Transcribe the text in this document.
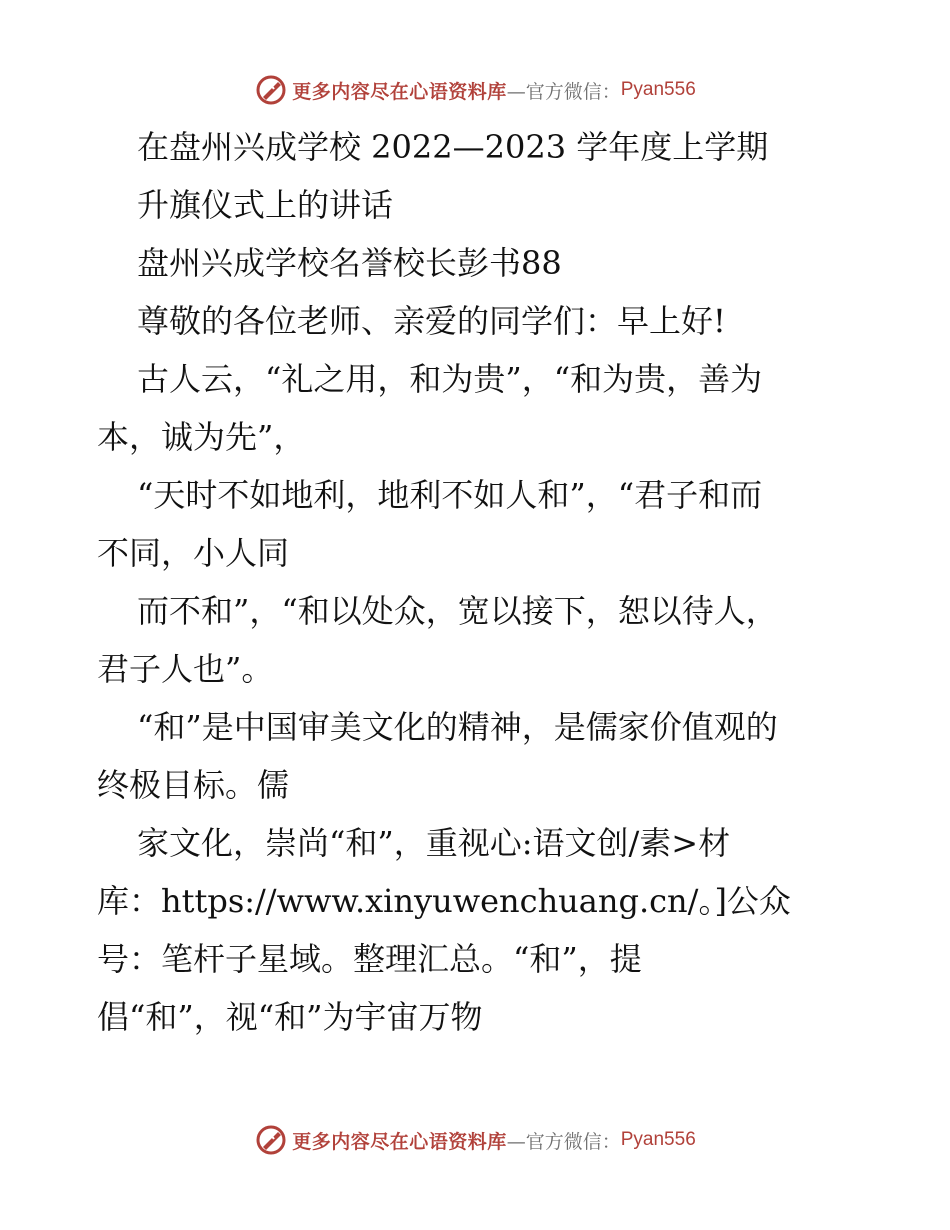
更多内容尽在心语资料库 —官方微信： Pyan556
在盘州兴成学校 2022—2023 学年度上学期
升旗仪式上的讲话
盘州兴成学校名誉校长彭书88
尊敬的各位老师、亲爱的同学们：早上好!
古人云，“礼之用，和为贵”，“和为贵，善为
本，诚为先”，
“天时不如地利，地利不如人和”，“君子和而
不同，小人同
而不和”，“和以处众，宽以接下，恕以待人，
君子人也”。
“和”是中国审美文化的精神，是儒家价值观的
终极目标。儒
家文化，崇尚“和”，重视心:语文创/素>材
库：https://www.xinyuwenchuang.cn/。]公众
号：笔杆子星域。整理汇总。“和”，提
倡“和”，视“和”为宇宙万物
更多内容尽在心语资料库 —官方微信： Pyan556
